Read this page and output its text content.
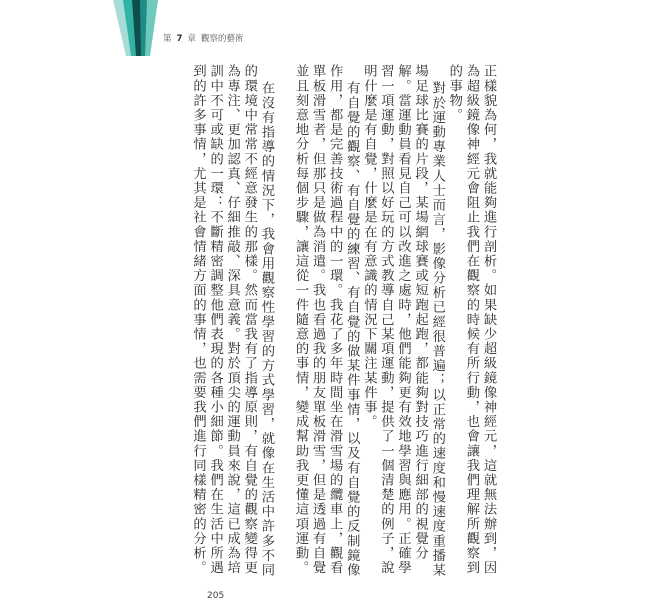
第 7 章 觀察的藝術

正樣貌為何，我就能夠進行剖析。如果缺少超級鏡像神經元，這就無法辦到，因為超級鏡像神經元會阻止我們在觀察的時候有所行動，也會讓我們理解所觀察到的事物。

對於運動專業人士而言，影像分析已經很普遍；以正常的速度和慢速度重播某場足球比賽的片段，某場網球賽或短跑起跑，都能夠對技巧進行細部的視覺分解。當運動員看見自己可以改進之處時，他們能夠更有效地學習與應用。正確學習一項運動，對照以好玩的方式教導自己某項運動，提供了一個清楚的例子，說明什麼是有自覺，什麼是在有意識的情況下關注某件事。

有自覺的觀察、有自覺的練習、有自覺的做某件事情，以及有自覺的反制鏡像作用，都是完善技術過程中的一環。我花了多年時間坐在滑雪場的纜車上，觀看單板滑雪者，但那只是做為消遣。我也看過我的朋友單板滑雪，但是透過有自覺並且刻意地分析每個步驟，讓這從一件隨意的事情，變成幫助我更懂這項運動。

在沒有指導的情況下，我會用觀察性學習的方式學習，就像在生活中許多不同的環境中常常不經意發生的那樣。然而當我有了指導原則，有自覺的觀察變得更為專注、更加認真、仔細推敲、深具意義。對於頂尖的運動員來說，這已成為培訓中不可或缺的一環：不斷精密調整他們表現的各種小細節。我們在生活中所遇到的許多事情，尤其是社會情緒方面的事情，也需要我們進行同樣精密的分析。

205
